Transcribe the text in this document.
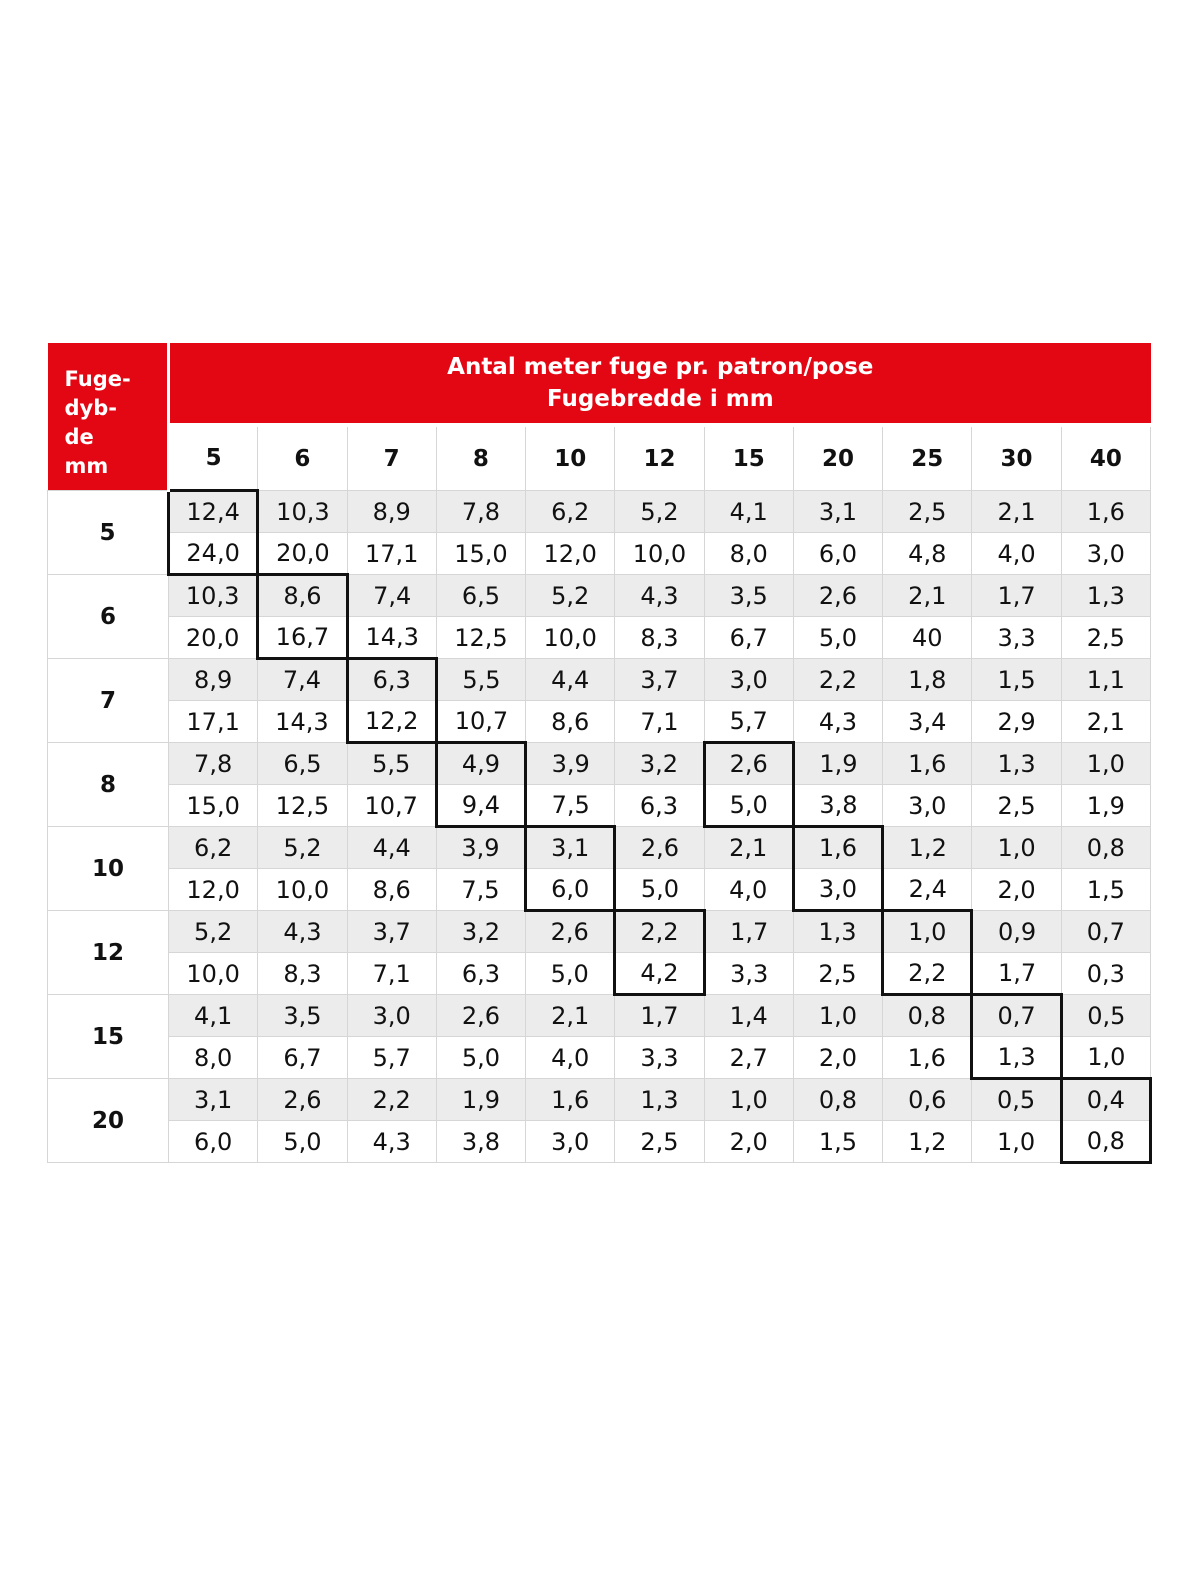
Fuge-
dyb-
de
mm	Antal meter fuge pr. patron/pose
Fugebredde i mm										

	5	6	7	8	10	12	15	20	25	30	40
5	12,4	10,3	8,9	7,8	6,2	5,2	4,1	3,1	2,5	2,1	1,6
	24,0	20,0	17,1	15,0	12,0	10,0	8,0	6,0	4,8	4,0	3,0
6	10,3	8,6	7,4	6,5	5,2	4,3	3,5	2,6	2,1	1,7	1,3
	20,0	16,7	14,3	12,5	10,0	8,3	6,7	5,0	40	3,3	2,5
7	8,9	7,4	6,3	5,5	4,4	3,7	3,0	2,2	1,8	1,5	1,1
	17,1	14,3	12,2	10,7	8,6	7,1	5,7	4,3	3,4	2,9	2,1
8	7,8	6,5	5,5	4,9	3,9	3,2	2,6	1,9	1,6	1,3	1,0
	15,0	12,5	10,7	9,4	7,5	6,3	5,0	3,8	3,0	2,5	1,9
10	6,2	5,2	4,4	3,9	3,1	2,6	2,1	1,6	1,2	1,0	0,8
	12,0	10,0	8,6	7,5	6,0	5,0	4,0	3,0	2,4	2,0	1,5
12	5,2	4,3	3,7	3,2	2,6	2,2	1,7	1,3	1,0	0,9	0,7
	10,0	8,3	7,1	6,3	5,0	4,2	3,3	2,5	2,2	1,7	0,3
15	4,1	3,5	3,0	2,6	2,1	1,7	1,4	1,0	0,8	0,7	0,5
	8,0	6,7	5,7	5,0	4,0	3,3	2,7	2,0	1,6	1,3	1,0
20	3,1	2,6	2,2	1,9	1,6	1,3	1,0	0,8	0,6	0,5	0,4
	6,0	5,0	4,3	3,8	3,0	2,5	2,0	1,5	1,2	1,0	0,8
